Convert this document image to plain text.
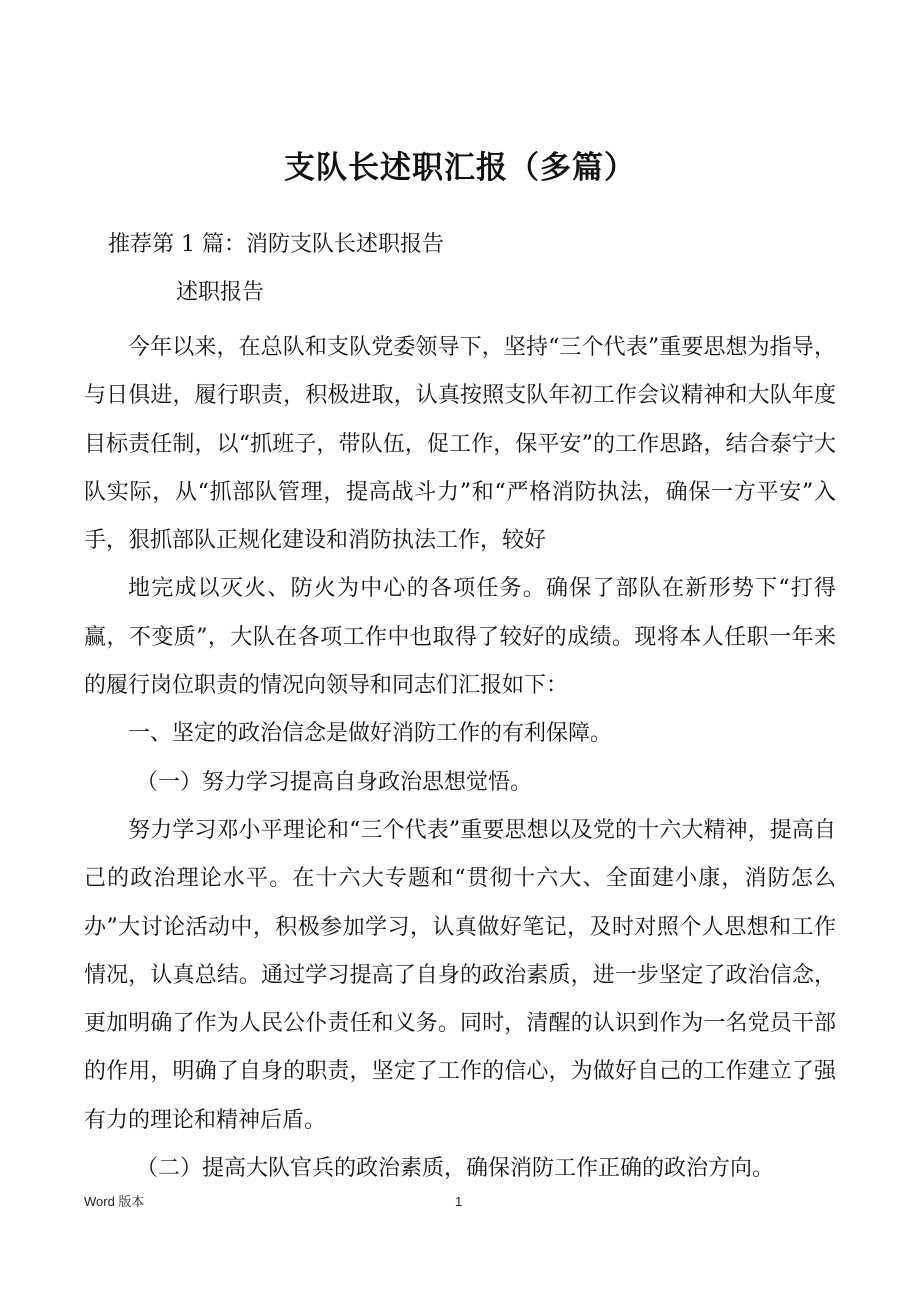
支队长述职汇报（多篇）
推荐第 1 篇：消防支队长述职报告
述职报告

今年以来，在总队和支队党委领导下，坚持“三个代表”重要思想为指导，与日俱进，履行职责，积极进取，认真按照支队年初工作会议精神和大队年度目标责任制，以“抓班子，带队伍，促工作，保平安”的工作思路，结合泰宁大队实际，从“抓部队管理，提高战斗力”和“严格消防执法，确保一方平安”入手，狠抓部队正规化建设和消防执法工作，较好

地完成以灭火、防火为中心的各项任务。确保了部队在新形势下“打得赢，不变质”，大队在各项工作中也取得了较好的成绩。现将本人任职一年来的履行岗位职责的情况向领导和同志们汇报如下：

一、坚定的政治信念是做好消防工作的有利保障。

（一）努力学习提高自身政治思想觉悟。

努力学习邓小平理论和“三个代表”重要思想以及党的十六大精神，提高自己的政治理论水平。在十六大专题和“贯彻十六大、全面建小康，消防怎么办”大讨论活动中，积极参加学习，认真做好笔记，及时对照个人思想和工作情况，认真总结。通过学习提高了自身的政治素质，进一步坚定了政治信念，更加明确了作为人民公仆责任和义务。同时，清醒的认识到作为一名党员干部的作用，明确了自身的职责，坚定了工作的信心，为做好自己的工作建立了强有力的理论和精神后盾。

（二）提高大队官兵的政治素质，确保消防工作正确的政治方向。

Word 版本	1
